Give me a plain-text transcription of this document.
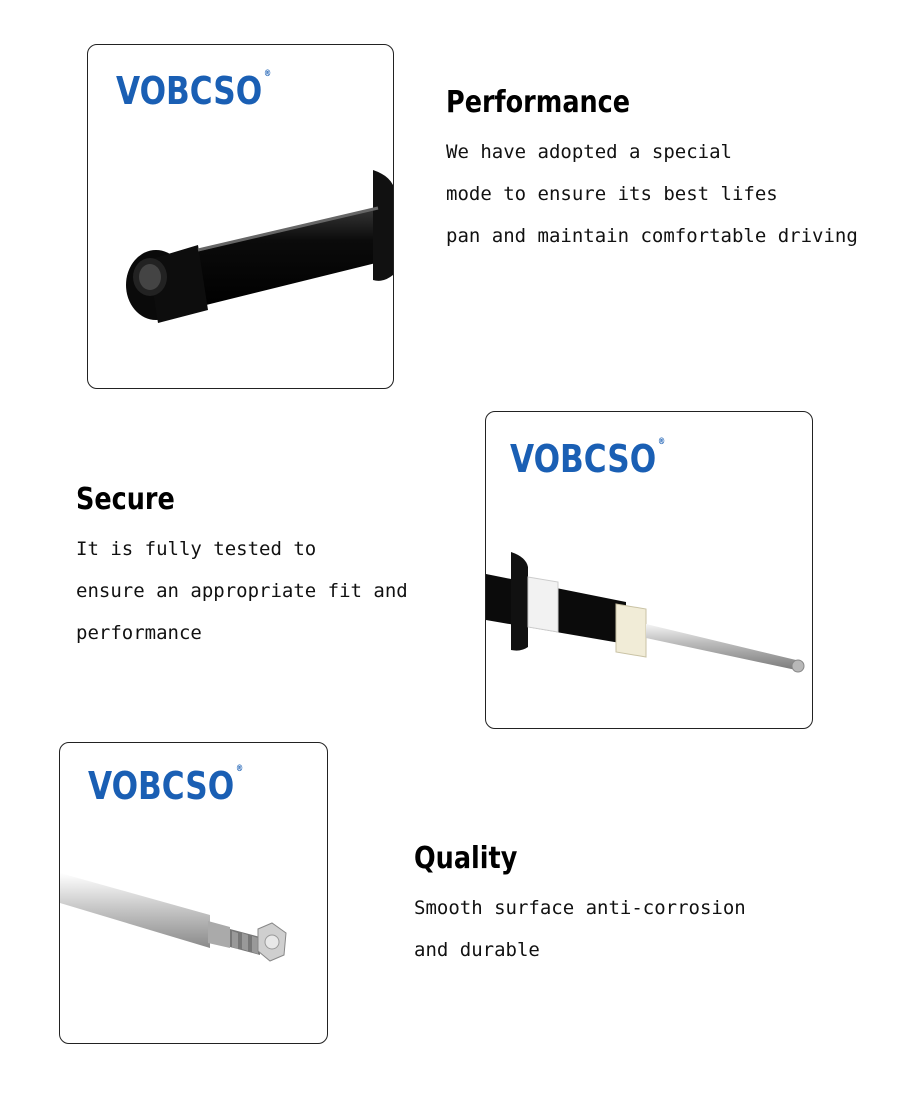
VOBCSO ®
Performance

We have adopted a special

mode to ensure its best lifes

pan and maintain comfortable driving

Secure

It is fully tested to

ensure an appropriate fit and

performance

VOBCSO ®
VOBCSO ®
Quality

Smooth surface anti-corrosion

and durable
